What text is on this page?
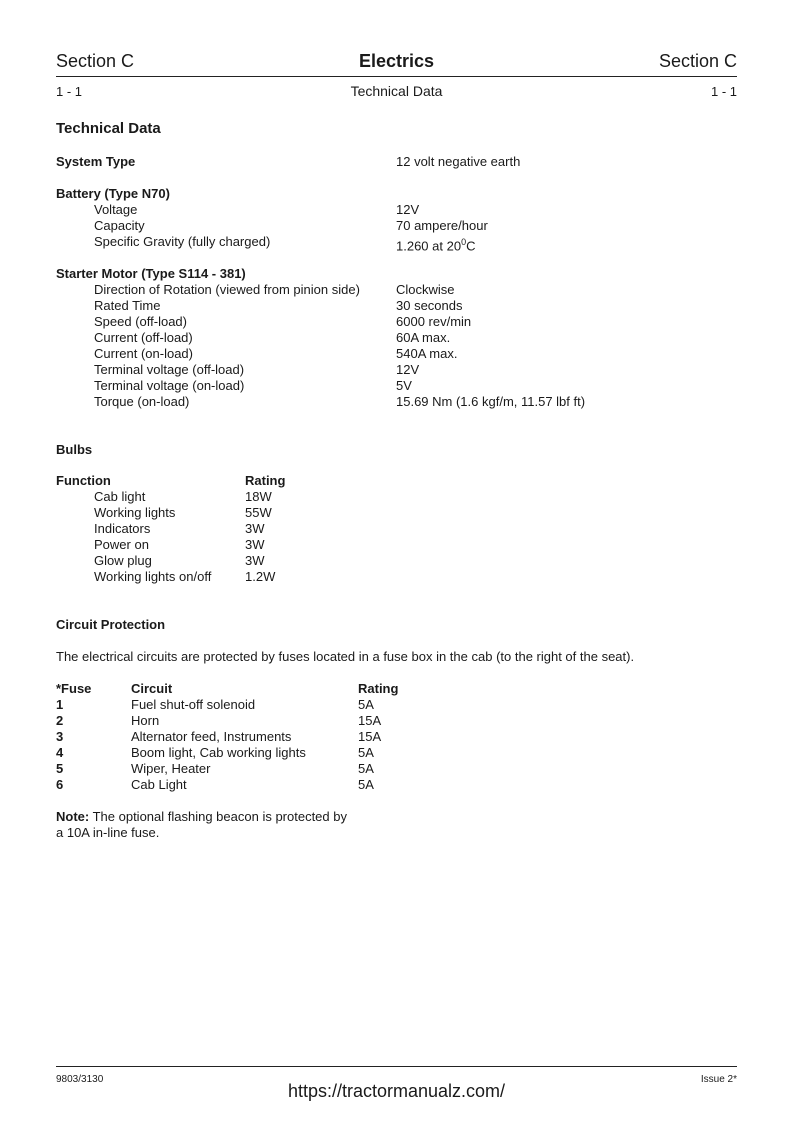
Section C	Electrics	Section C
1 - 1	Technical Data	1 - 1
Technical Data
System Type	12 volt negative earth
Battery (Type N70)
Voltage	12V
Capacity	70 ampere/hour
Specific Gravity (fully charged)	1.260 at $20^0C$
Starter Motor (Type S114 - 381)
Direction of Rotation (viewed from pinion side)	Clockwise
Rated Time	30 seconds
Speed (off-load)	6000 rev/min
Current (off-load)	60A max.
Current (on-load)	540A max.
Terminal voltage (off-load)	12V
Terminal voltage (on-load)	5V
Torque (on-load)	15.69 Nm (1.6 kgf/m, 11.57 lbf ft)
Bulbs
Function	Rating
Cab light	18W
Working lights	55W
Indicators	3W
Power on	3W
Glow plug	3W
Working lights on/off	1.2W
Circuit Protection
The electrical circuits are protected by fuses located in a fuse box in the cab (to the right of the seat).
*Fuse	Circuit	Rating
1	Fuel shut-off solenoid	5A
2	Horn	15A
3	Alternator feed, Instruments	15A
4	Boom light, Cab working lights	5A
5	Wiper, Heater	5A
6	Cab Light	5A
Note: The optional flashing beacon is protected by
a 10A in-line fuse.
9803/3130
https://tractormanualz.com/
Issue 2*
